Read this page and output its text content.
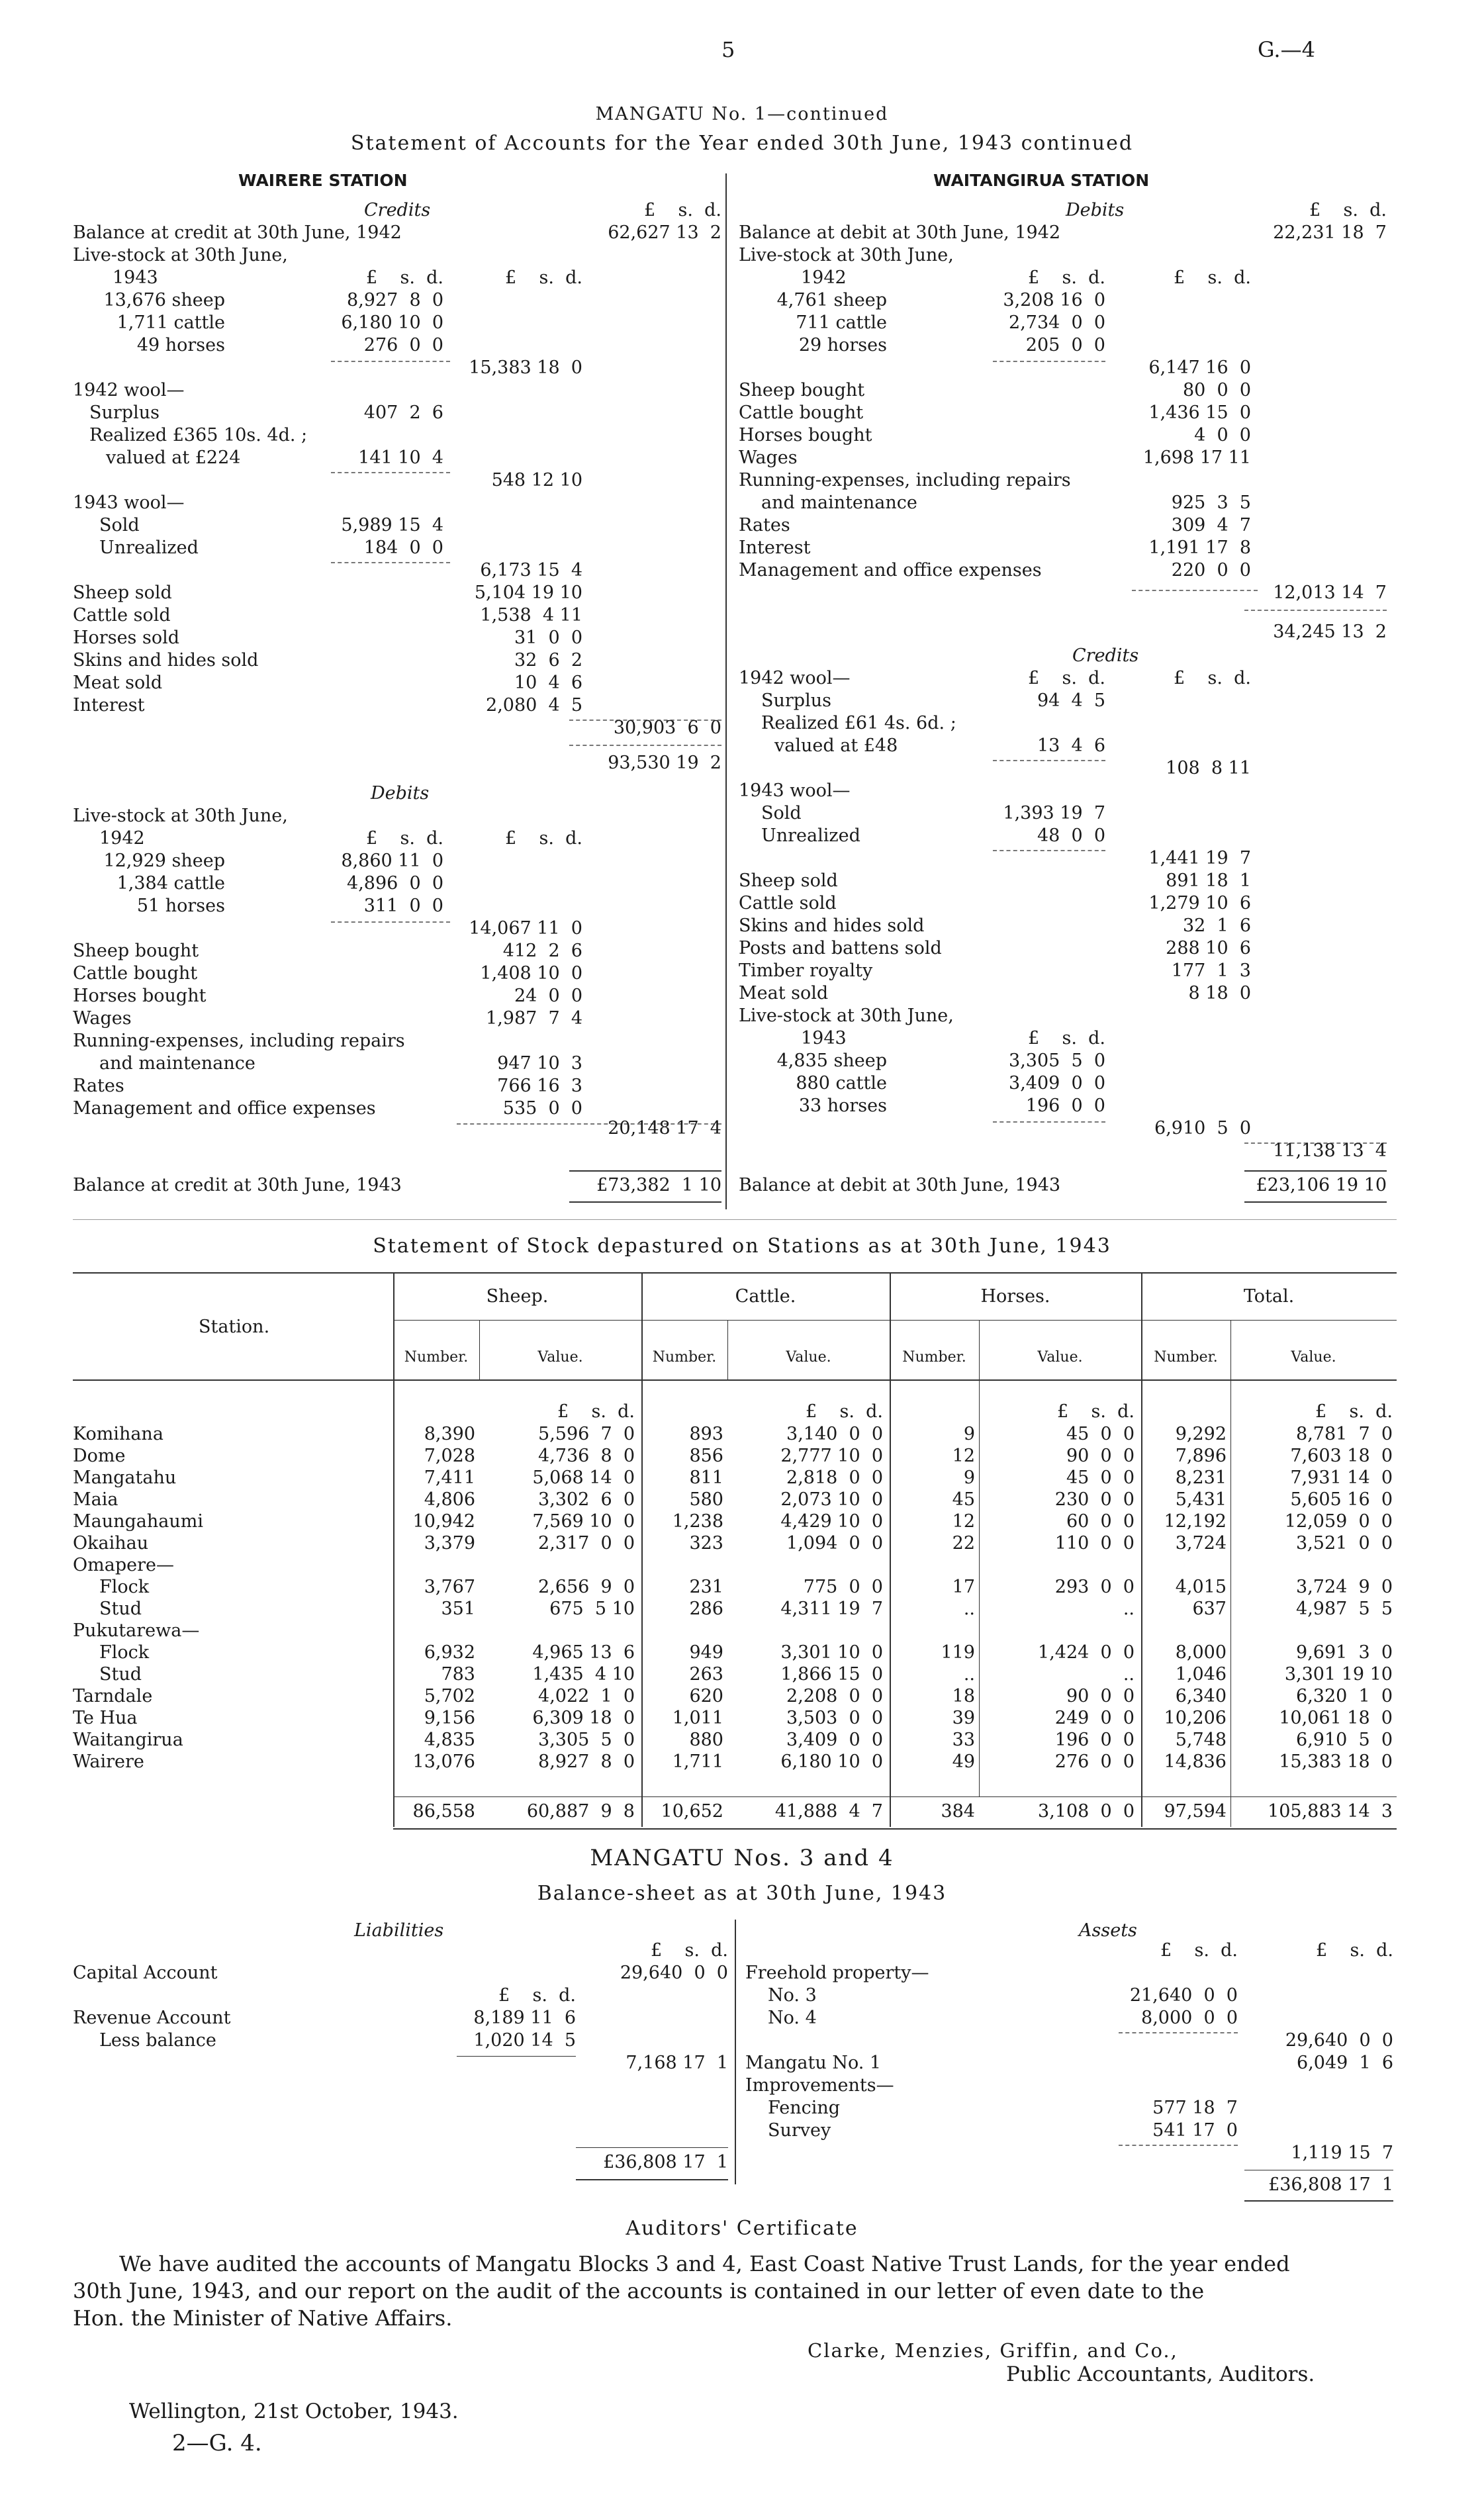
5	G.—4
MANGATU No. 1—continued
Statement of Accounts for the Year ended 30th June, 1943 continued
WAIRERE STATION	WAITANGIRUA STATION
Credits	£    s.  d.
Balance at credit at 30th June, 1942	62,627 13  2
Live-stock at 30th June,
1943	£    s.  d.	£    s.  d.
13,676 sheep	8,927  8  0
1,711 cattle	6,180 10  0
49 horses	276  0  0
15,383 18  0
1942 wool—
Surplus	407  2  6
Realized £365 10s. 4d. ;
valued at £224	141 10  4
548 12 10
1943 wool—
Sold	5,989 15  4
Unrealized	184  0  0
6,173 15  4
Sheep sold	5,104 19 10
Cattle sold	1,538  4 11
Horses sold	31  0  0
Skins and hides sold	32  6  2
Meat sold	10  4  6
Interest	2,080  4  5
30,903  6  0
93,530 19  2
Debits
Live-stock at 30th June,
1942	£    s.  d.	£    s.  d.
12,929 sheep	8,860 11  0
1,384 cattle	4,896  0  0
51 horses	311  0  0
14,067 11  0
Sheep bought	412  2  6
Cattle bought	1,408 10  0
Horses bought	24  0  0
Wages	1,987  7  4
Running-expenses, including repairs
and maintenance	947 10  3
Rates	766 16  3
Management and office expenses	535  0  0
20,148 17  4
Balance at credit at 30th June, 1943	£73,382  1 10
Debits	£    s.  d.
Balance at debit at 30th June, 1942	22,231 18  7
Live-stock at 30th June,
1942	£    s.  d.	£    s.  d.
4,761 sheep	3,208 16  0
711 cattle	2,734  0  0
29 horses	205  0  0
6,147 16  0
Sheep bought	80  0  0
Cattle bought	1,436 15  0
Horses bought	4  0  0
Wages	1,698 17 11
Running-expenses, including repairs
and maintenance	925  3  5
Rates	309  4  7
Interest	1,191 17  8
Management and office expenses	220  0  0
12,013 14  7
34,245 13  2
Credits
1942 wool—	£    s.  d.	£    s.  d.
Surplus	94  4  5
Realized £61 4s. 6d. ;
valued at £48	13  4  6
108  8 11
1943 wool—
Sold	1,393 19  7
Unrealized	48  0  0
1,441 19  7
Sheep sold	891 18  1
Cattle sold	1,279 10  6
Skins and hides sold	32  1  6
Posts and battens sold	288 10  6
Timber royalty	177  1  3
Meat sold	8 18  0
Live-stock at 30th June,
1943	£    s.  d.
4,835 sheep	3,305  5  0
880 cattle	3,409  0  0
33 horses	196  0  0
6,910  5  0
11,138 13  4
Balance at debit at 30th June, 1943	£23,106 19 10
Statement of Stock depastured on Stations as at 30th June, 1943
Station.
Sheep.	Cattle.	Horses.	Total.
Number.	Value.	Number.	Value.	Number.	Value.	Number.	Value.
£    s.  d.	£    s.  d.	£    s.  d.	£    s.  d.
Komihana	8,390	5,596  7  0	893	3,140  0  0	9	45  0  0	9,292	8,781  7  0
Dome	7,028	4,736  8  0	856	2,777 10  0	12	90  0  0	7,896	7,603 18  0
Mangatahu	7,411	5,068 14  0	811	2,818  0  0	9	45  0  0	8,231	7,931 14  0
Maia	4,806	3,302  6  0	580	2,073 10  0	45	230  0  0	5,431	5,605 16  0
Maungahaumi	10,942	7,569 10  0	1,238	4,429 10  0	12	60  0  0	12,192	12,059  0  0
Okaihau	3,379	2,317  0  0	323	1,094  0  0	22	110  0  0	3,724	3,521  0  0
Omapere—
Flock	3,767	2,656  9  0	231	775  0  0	17	293  0  0	4,015	3,724  9  0
Stud	351	675  5 10	286	4,311 19  7	..	..	637	4,987  5  5
Pukutarewa—
Flock	6,932	4,965 13  6	949	3,301 10  0	119	1,424  0  0	8,000	9,691  3  0
Stud	783	1,435  4 10	263	1,866 15  0	..	..	1,046	3,301 19 10
Tarndale	5,702	4,022  1  0	620	2,208  0  0	18	90  0  0	6,340	6,320  1  0
Te Hua	9,156	6,309 18  0	1,011	3,503  0  0	39	249  0  0	10,206	10,061 18  0
Waitangirua	4,835	3,305  5  0	880	3,409  0  0	33	196  0  0	5,748	6,910  5  0
Wairere	13,076	8,927  8  0	1,711	6,180 10  0	49	276  0  0	14,836	15,383 18  0
86,558	60,887  9  8	10,652	41,888  4  7	384	3,108  0  0	97,594	105,883 14  3
MANGATU Nos. 3 and 4
Balance-sheet as at 30th June, 1943
Liabilities
£    s.  d.
Capital Account	29,640  0  0
£    s.  d.
Revenue Account	8,189 11  6
Less balance	1,020 14  5
7,168 17  1
£36,808 17  1
Assets
£    s.  d.	£    s.  d.
Freehold property—
No. 3	21,640  0  0
No. 4	8,000  0  0
29,640  0  0
Mangatu No. 1	6,049  1  6
Improvements—
Fencing	577 18  7
Survey	541 17  0
1,119 15  7
£36,808 17  1
Auditors' Certificate
We have audited the accounts of Mangatu Blocks 3 and 4, East Coast Native Trust Lands, for the year ended
30th June, 1943, and our report on the audit of the accounts is contained in our letter of even date to the
Hon. the Minister of Native Affairs.
Clarke, Menzies, Griffin, and Co.,
Public Accountants, Auditors.
Wellington, 21st October, 1943.
2—G. 4.
